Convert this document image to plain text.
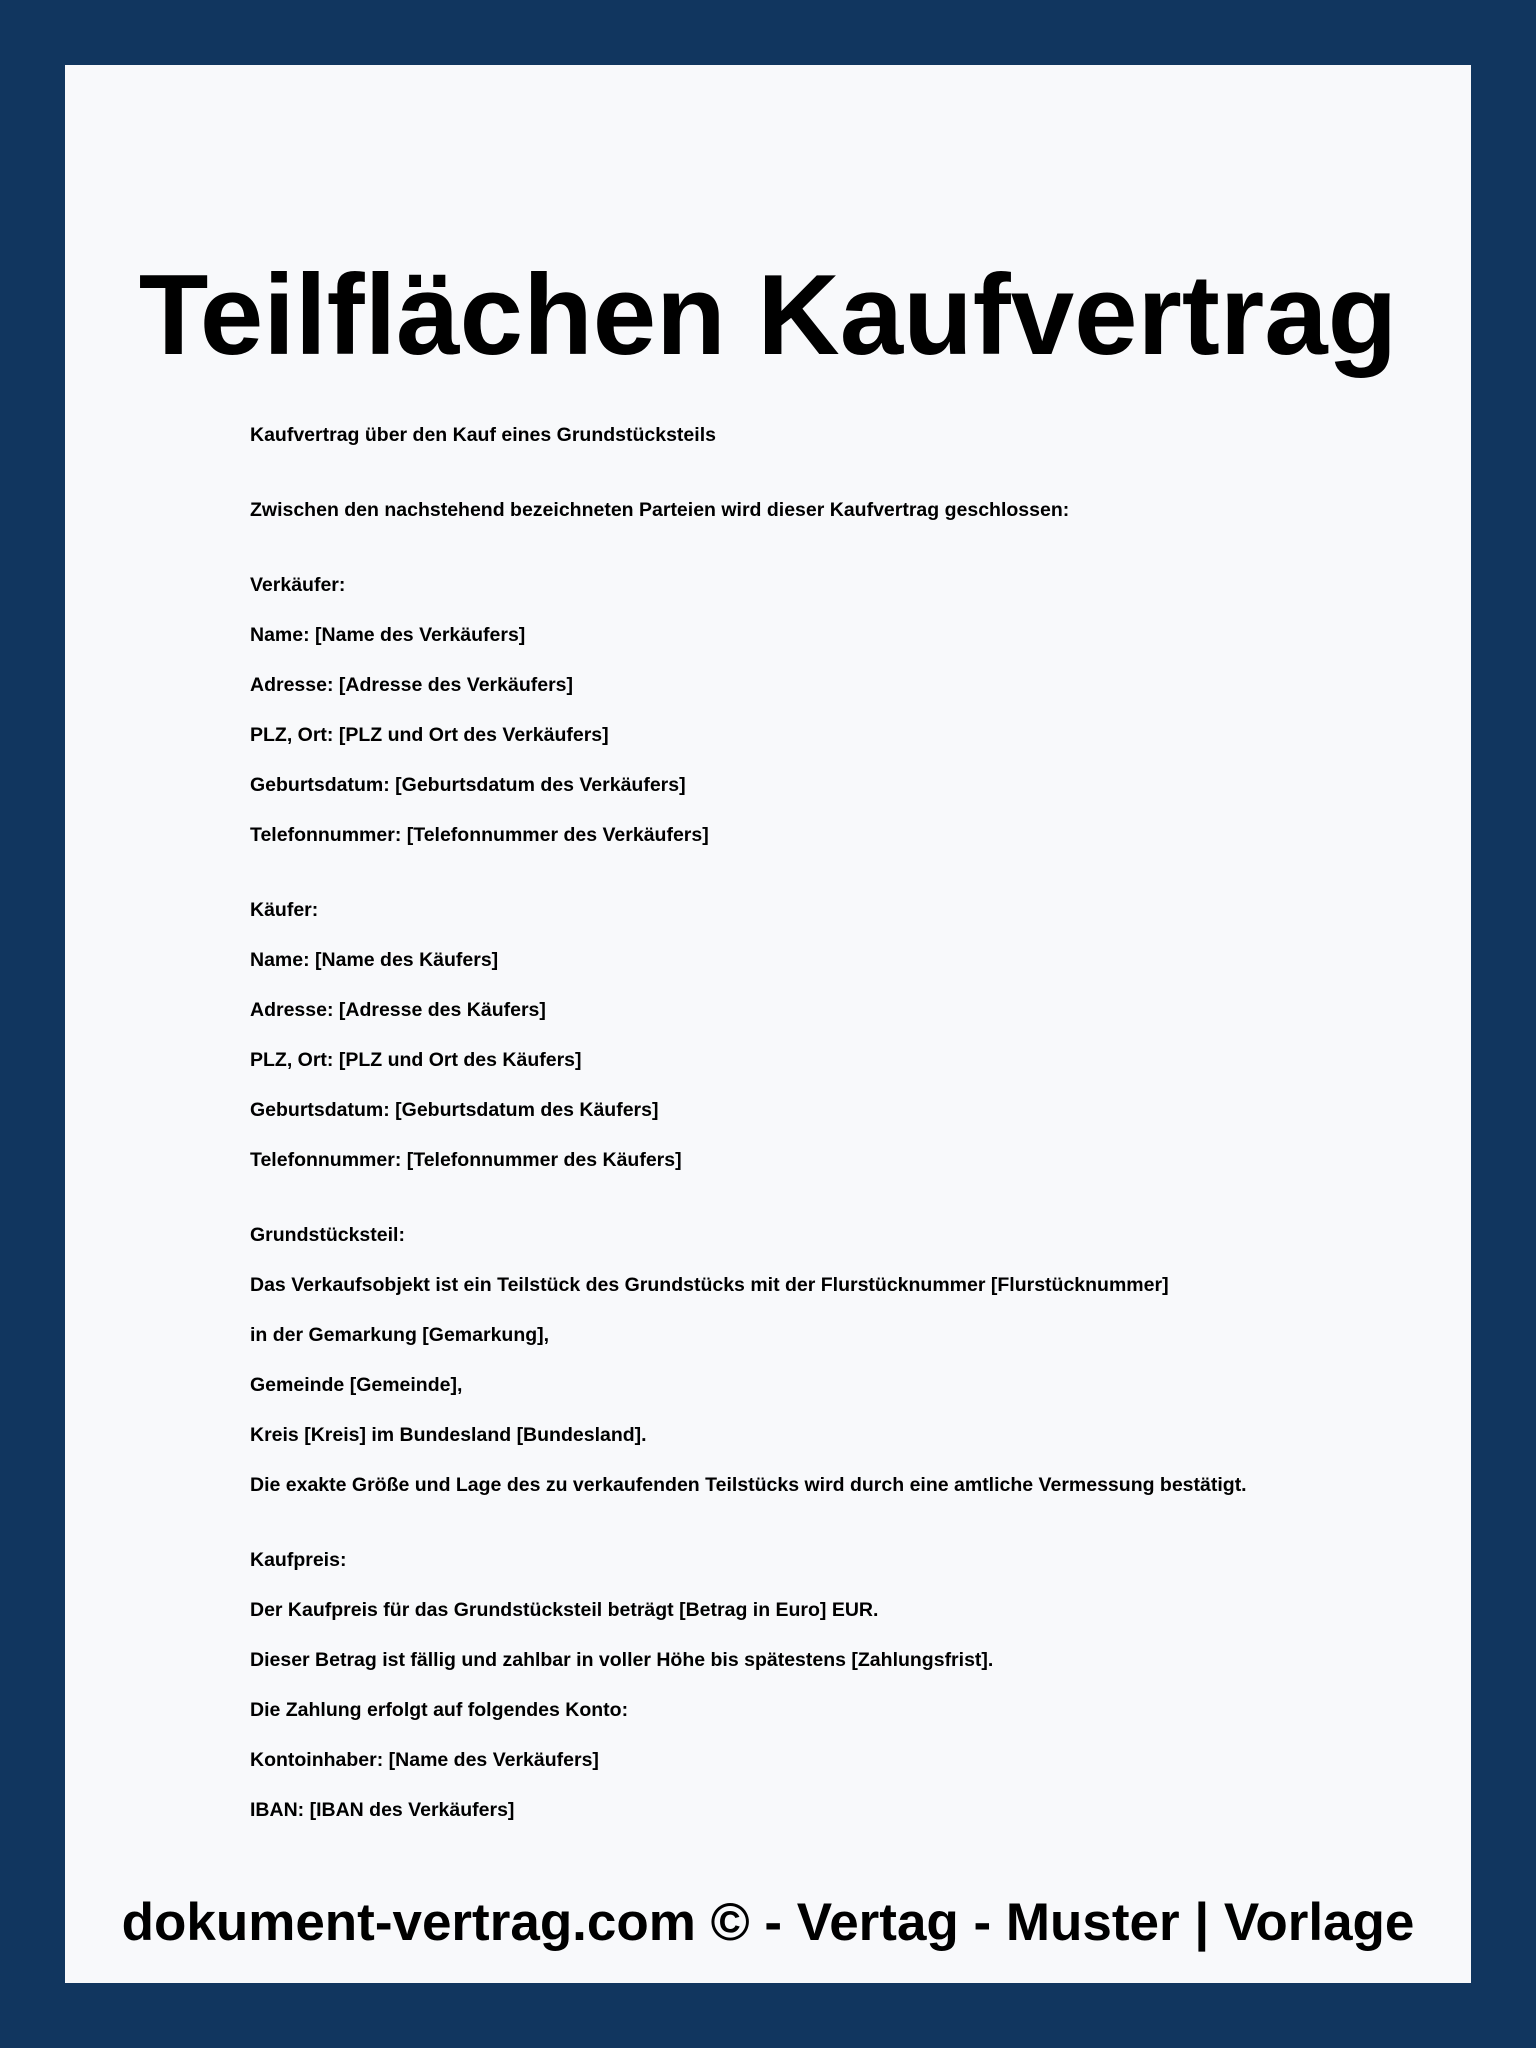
Teilflächen Kaufvertrag
Kaufvertrag über den Kauf eines Grundstücksteils
Zwischen den nachstehend bezeichneten Parteien wird dieser Kaufvertrag geschlossen:
Verkäufer:
Name: [Name des Verkäufers]
Adresse: [Adresse des Verkäufers]
PLZ, Ort: [PLZ und Ort des Verkäufers]
Geburtsdatum: [Geburtsdatum des Verkäufers]
Telefonnummer: [Telefonnummer des Verkäufers]
Käufer:
Name: [Name des Käufers]
Adresse: [Adresse des Käufers]
PLZ, Ort: [PLZ und Ort des Käufers]
Geburtsdatum: [Geburtsdatum des Käufers]
Telefonnummer: [Telefonnummer des Käufers]
Grundstücksteil:
Das Verkaufsobjekt ist ein Teilstück des Grundstücks mit der Flurstücknummer [Flurstücknummer]
in der Gemarkung [Gemarkung],
Gemeinde [Gemeinde],
Kreis [Kreis] im Bundesland [Bundesland].
Die exakte Größe und Lage des zu verkaufenden Teilstücks wird durch eine amtliche Vermessung bestätigt.
Kaufpreis:
Der Kaufpreis für das Grundstücksteil beträgt [Betrag in Euro] EUR.
Dieser Betrag ist fällig und zahlbar in voller Höhe bis spätestens [Zahlungsfrist].
Die Zahlung erfolgt auf folgendes Konto:
Kontoinhaber: [Name des Verkäufers]
IBAN: [IBAN des Verkäufers]
dokument-vertrag.com © - Vertag - Muster | Vorlage
